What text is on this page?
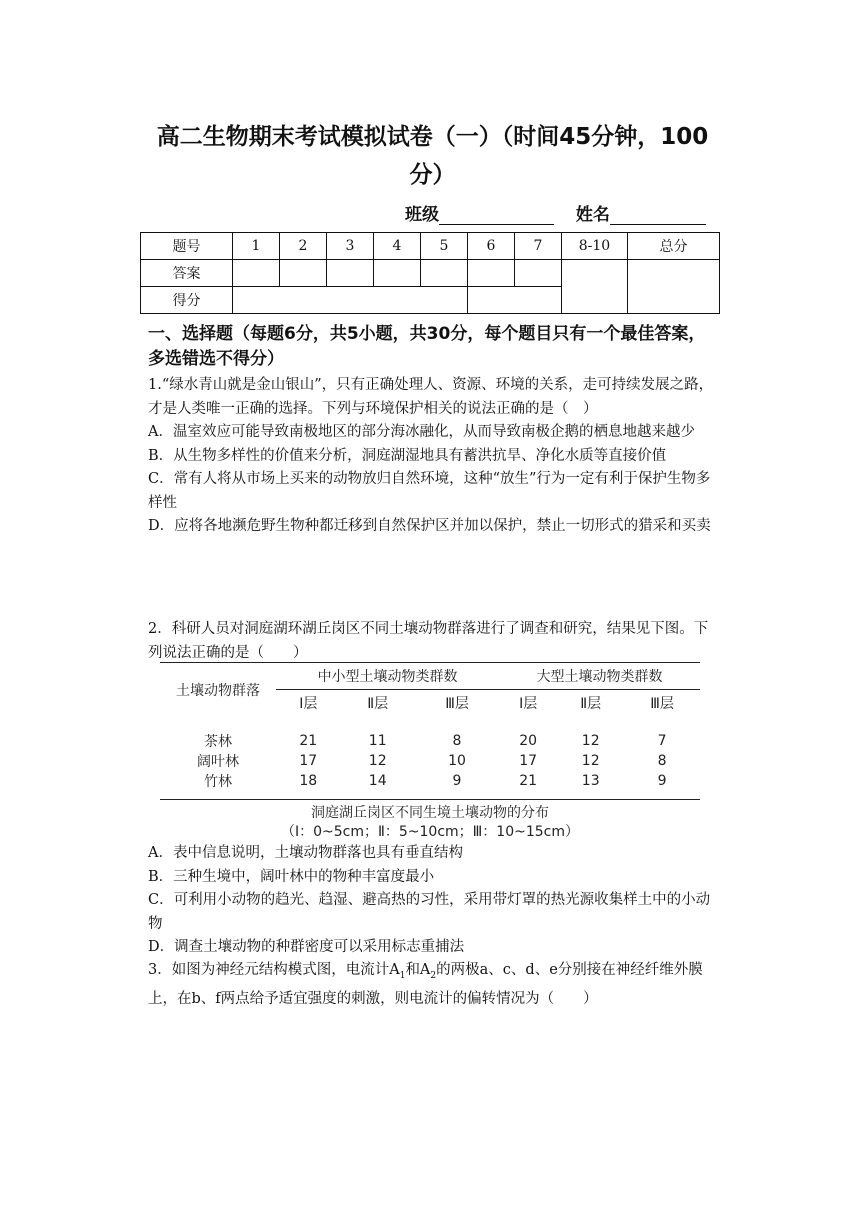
高二生物期末考试模拟试卷（一）（时间45分钟，100分）
班级	姓名
题号	1	2	3	4	5	6	7	8-10	总分
答案									
得分									
一、选择题（每题6分，共5小题，共30分，每个题目只有一个最佳答案，多选错选不得分）

1.“绿水青山就是金山银山”，只有正确处理人、资源、环境的关系，走可持续发展之路，才是人类唯一正确的选择。下列与环境保护相关的说法正确的是（　）

A．温室效应可能导致南极地区的部分海冰融化，从而导致南极企鹅的栖息地越来越少

B．从生物多样性的价值来分析，洞庭湖湿地具有蓄洪抗旱、净化水质等直接价值

C．常有人将从市场上买来的动物放归自然环境，这种“放生”行为一定有利于保护生物多样性

D．应将各地濒危野生物种都迁移到自然保护区并加以保护，禁止一切形式的猎采和买卖

2．科研人员对洞庭湖环湖丘岗区不同土壤动物群落进行了调查和研究，结果见下图。下列说法正确的是（　　）
土壤动物群落	中小型土壤动物类群数			大型土壤动物类群数		
	Ⅰ层	Ⅱ层	Ⅲ层	Ⅰ层	Ⅱ层	Ⅲ层

茶林	21	11	8	20	12	7
阔叶林	17	12	10	17	12	8
竹林	18	14	9	21	13	9

洞庭湖丘岗区不同生境土壤动物的分布
（Ⅰ：0~5cm；Ⅱ：5~10cm；Ⅲ：10~15cm）

A．表中信息说明，土壤动物群落也具有垂直结构

B．三种生境中，阔叶林中的物种丰富度最小

C．可利用小动物的趋光、趋湿、避高热的习性，采用带灯罩的热光源收集样土中的小动物

D．调查土壤动物的种群密度可以采用标志重捕法

3．如图为神经元结构模式图，电流计$A_1$和$A_2$的两极a、c、d、e分别接在神经纤维外膜上，在b、f两点给予适宜强度的刺激，则电流计的偏转情况为（　　）
